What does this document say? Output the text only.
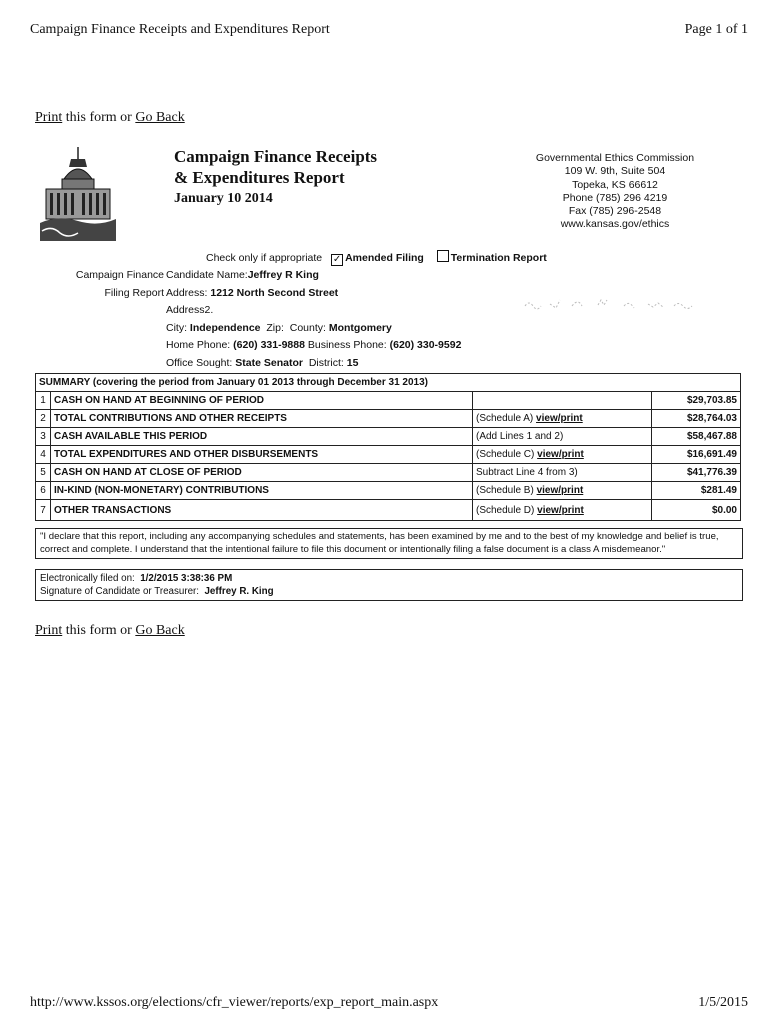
Campaign Finance Receipts and Expenditures Report	Page 1 of 1
Print this form or Go Back
Campaign Finance Receipts
& Expenditures Report
January 10 2014
Governmental Ethics Commission
109 W. 9th, Suite 504
Topeka, KS 66612
Phone (785) 296 4219
Fax (785) 296-2548
www.kansas.gov/ethics
Check only if appropriate ✓ Amended Filing	Termination Report
Campaign Finance
Filing Report
Candidate Name:Jeffrey R King
Address: 1212 North Second Street
Address2.
City: Independence Zip: County: Montgomery
Home Phone: (620) 331-9888 Business Phone: (620) 330-9592
Office Sought: State Senator District: 15
SUMMARY (covering the period from January 01 2013 through December 31 2013)			
1	CASH ON HAND AT BEGINNING OF PERIOD		$29,703.85
2	TOTAL CONTRIBUTIONS AND OTHER RECEIPTS	(Schedule A) view/print	$28,764.03
3	CASH AVAILABLE THIS PERIOD	(Add Lines 1 and 2)	$58,467.88
4	TOTAL EXPENDITURES AND OTHER DISBURSEMENTS	(Schedule C) view/print	$16,691.49
5	CASH ON HAND AT CLOSE OF PERIOD	Subtract Line 4 from 3)	$41,776.39
6	IN-KIND (NON-MONETARY) CONTRIBUTIONS	(Schedule B) view/print	$281.49
7	OTHER TRANSACTIONS	(Schedule D) view/print	$0.00
"I declare that this report, including any accompanying schedules and statements, has been examined by me and to the best of my knowledge and belief is true, correct and complete. I understand that the intentional failure to file this document or intentionally filing a false document is a class A misdemeanor."
Electronically filed on: 1/2/2015 3:38:36 PM
Signature of Candidate or Treasurer: Jeffrey R. King
Print this form or Go Back
http://www.kssos.org/elections/cfr_viewer/reports/exp_report_main.aspx	1/5/2015
